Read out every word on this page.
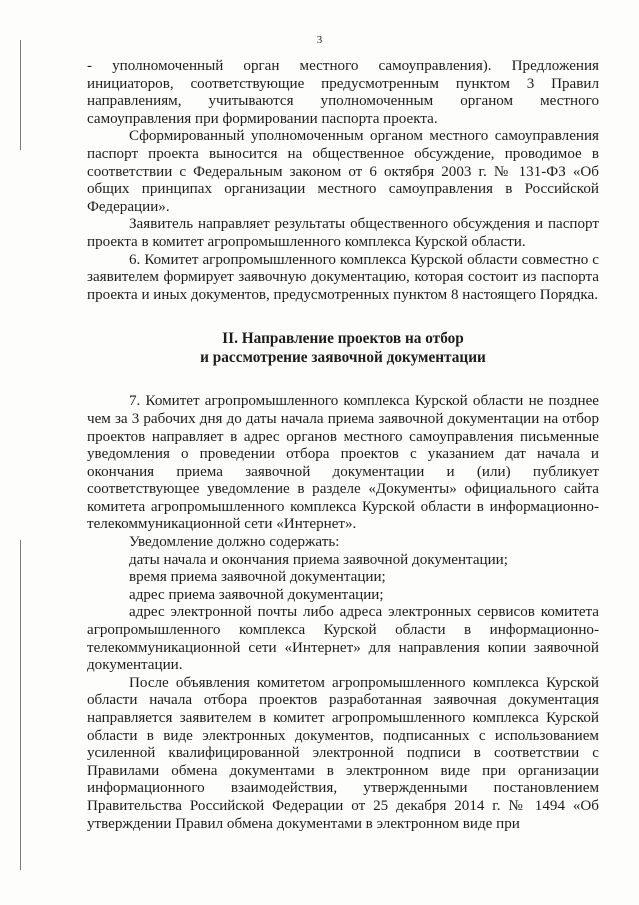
3

- уполномоченный орган местного самоуправления). Предложения инициаторов, соответствующие предусмотренным пунктом 3 Правил направлениям, учитываются уполномоченным органом местного самоуправления при формировании паспорта проекта.

Сформированный уполномоченным органом местного самоуправления паспорт проекта выносится на общественное обсуждение, проводимое в соответствии с Федеральным законом от 6 октября 2003 г. № 131-ФЗ «Об общих принципах организации местного самоуправления в Российской Федерации».

Заявитель направляет результаты общественного обсуждения и паспорт проекта в комитет агропромышленного комплекса Курской области.

6. Комитет агропромышленного комплекса Курской области совместно с заявителем формирует заявочную документацию, которая состоит из паспорта проекта и иных документов, предусмотренных пунктом 8 настоящего Порядка.

II. Направление проектов на отбор
и рассмотрение заявочной документации

7. Комитет агропромышленного комплекса Курской области не позднее чем за 3 рабочих дня до даты начала приема заявочной документации на отбор проектов направляет в адрес органов местного самоуправления письменные уведомления о проведении отбора проектов с указанием дат начала и окончания приема заявочной документации и (или) публикует соответствующее уведомление в разделе «Документы» официального сайта комитета агропромышленного комплекса Курской области в информационно-телекоммуникационной сети «Интернет».

Уведомление должно содержать:

даты начала и окончания приема заявочной документации;

время приема заявочной документации;

адрес приема заявочной документации;

адрес электронной почты либо адреса электронных сервисов комитета агропромышленного комплекса Курской области в информационно-телекоммуникационной сети «Интернет» для направления копии заявочной документации.

После объявления комитетом агропромышленного комплекса Курской области начала отбора проектов разработанная заявочная документация направляется заявителем в комитет агропромышленного комплекса Курской области в виде электронных документов, подписанных с использованием усиленной квалифицированной электронной подписи в соответствии с Правилами обмена документами в электронном виде при организации информационного взаимодействия, утвержденными постановлением Правительства Российской Федерации от 25 декабря 2014 г. № 1494 «Об утверждении Правил обмена документами в электронном виде при
